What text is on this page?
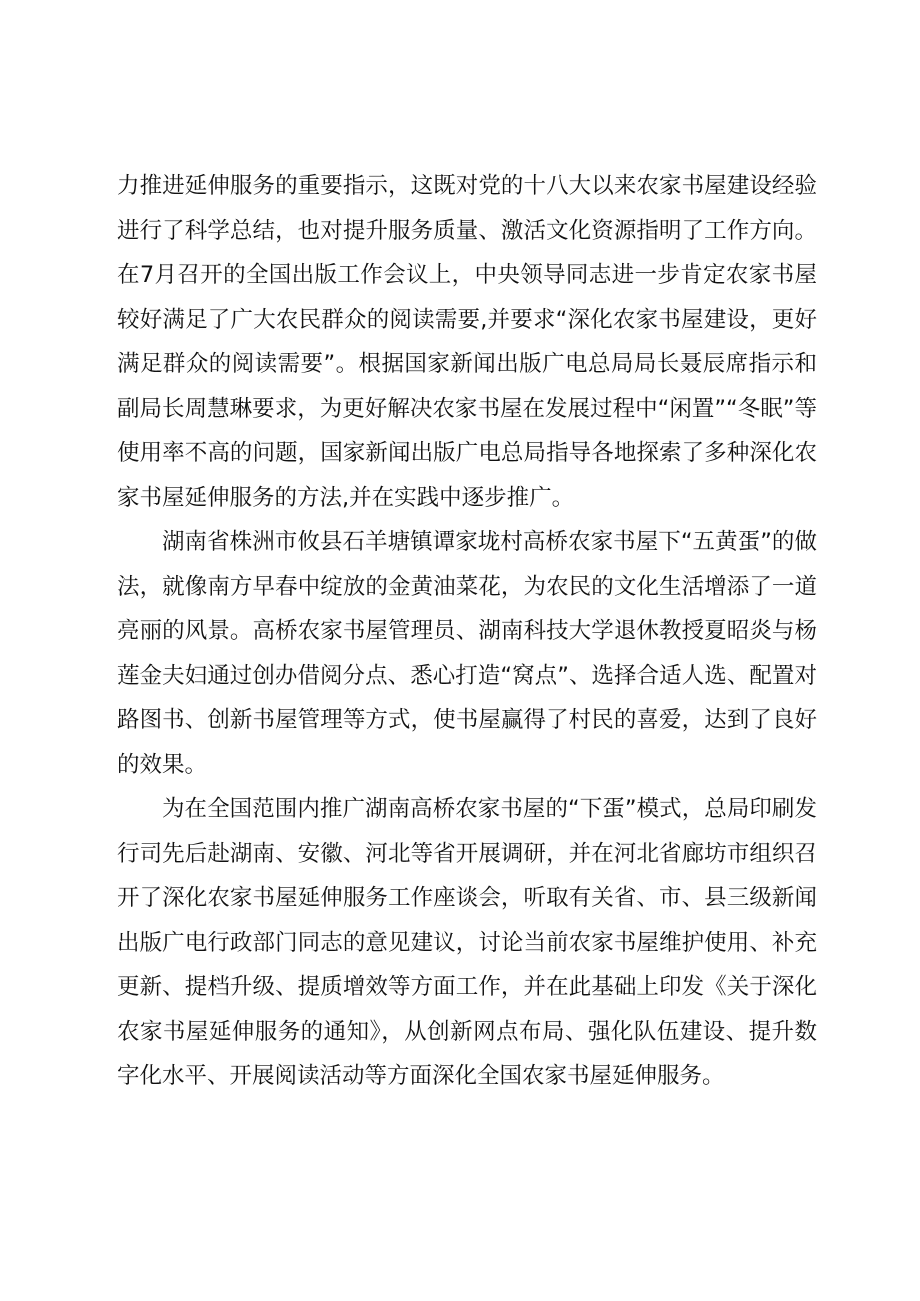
力推进延伸服务的重要指示，这既对党的十八大以来农家书屋建设经验进行了科学总结，也对提升服务质量、激活文化资源指明了工作方向。在7月召开的全国出版工作会议上，中央领导同志进一步肯定农家书屋较好满足了广大农民群众的阅读需要,并要求“深化农家书屋建设，更好满足群众的阅读需要”。根据国家新闻出版广电总局局长聂辰席指示和副局长周慧琳要求，为更好解决农家书屋在发展过程中“闲置”“冬眠”等使用率不高的问题，国家新闻出版广电总局指导各地探索了多种深化农家书屋延伸服务的方法,并在实践中逐步推广。

湖南省株洲市攸县石羊塘镇谭家垅村高桥农家书屋下“五黄蛋”的做法，就像南方早春中绽放的金黄油菜花，为农民的文化生活增添了一道亮丽的风景。高桥农家书屋管理员、湖南科技大学退休教授夏昭炎与杨莲金夫妇通过创办借阅分点、悉心打造“窝点”、选择合适人选、配置对路图书、创新书屋管理等方式，使书屋赢得了村民的喜爱，达到了良好的效果。

为在全国范围内推广湖南高桥农家书屋的“下蛋”模式，总局印刷发行司先后赴湖南、安徽、河北等省开展调研，并在河北省廊坊市组织召开了深化农家书屋延伸服务工作座谈会，听取有关省、市、县三级新闻出版广电行政部门同志的意见建议，讨论当前农家书屋维护使用、补充更新、提档升级、提质增效等方面工作，并在此基础上印发《关于深化农家书屋延伸服务的通知》，从创新网点布局、强化队伍建设、提升数字化水平、开展阅读活动等方面深化全国农家书屋延伸服务。
